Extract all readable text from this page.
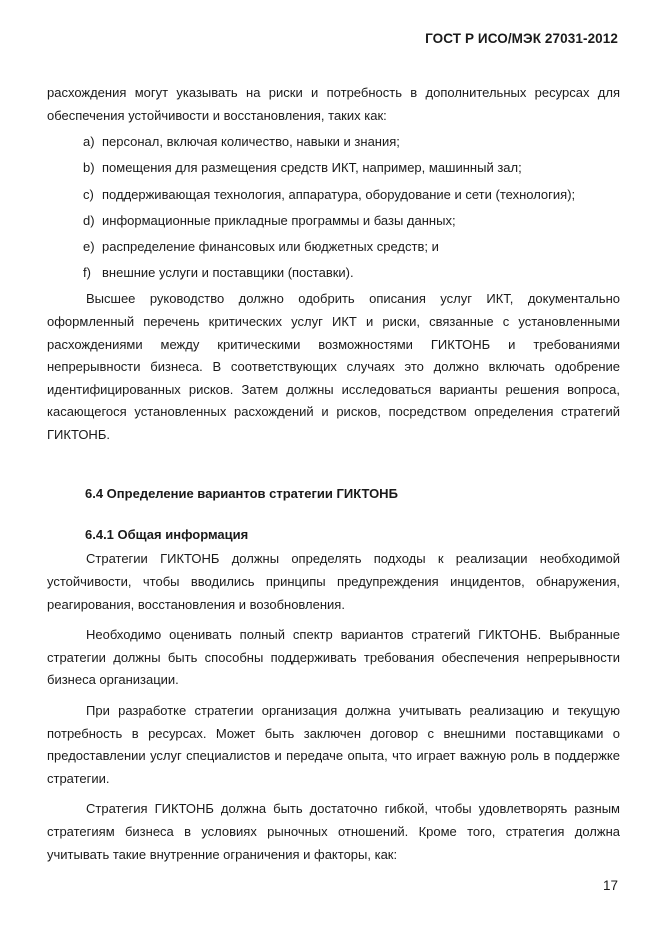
ГОСТ Р ИСО/МЭК 27031-2012

расхождения могут указывать на риски и потребность в дополнительных ресурсах для обеспечения устойчивости и восстановления, таких как:

a) персонал, включая количество, навыки и знания;
b) помещения для размещения средств ИКТ, например, машинный зал;
c) поддерживающая технология, аппаратура, оборудование и сети (технология);
d) информационные прикладные программы и базы данных;
e) распределение финансовых или бюджетных средств; и
f) внешние услуги и поставщики (поставки).

Высшее руководство должно одобрить описания услуг ИКТ, документально оформленный перечень критических услуг ИКТ и риски, связанные с установленными расхождениями между критическими возможностями ГИКТОНБ и требованиями непрерывности бизнеса. В соответствующих случаях это должно включать одобрение идентифицированных рисков. Затем должны исследоваться варианты решения вопроса, касающегося установленных расхождений и рисков, посредством определения стратегий ГИКТОНБ.

6.4 Определение вариантов стратегии ГИКТОНБ
6.4.1 Общая информация

Стратегии ГИКТОНБ должны определять подходы к реализации необходимой устойчивости, чтобы вводились принципы предупреждения инцидентов, обнаружения, реагирования, восстановления и возобновления.

Необходимо оценивать полный спектр вариантов стратегий ГИКТОНБ. Выбранные стратегии должны быть способны поддерживать требования обеспечения непрерывности бизнеса организации.

При разработке стратегии организация должна учитывать реализацию и текущую потребность в ресурсах. Может быть заключен договор с внешними поставщиками о предоставлении услуг специалистов и передаче опыта, что играет важную роль в поддержке стратегии.

Стратегия ГИКТОНБ должна быть достаточно гибкой, чтобы удовлетворять разным стратегиям бизнеса в условиях рыночных отношений. Кроме того, стратегия должна учитывать такие внутренние ограничения и факторы, как:

17
